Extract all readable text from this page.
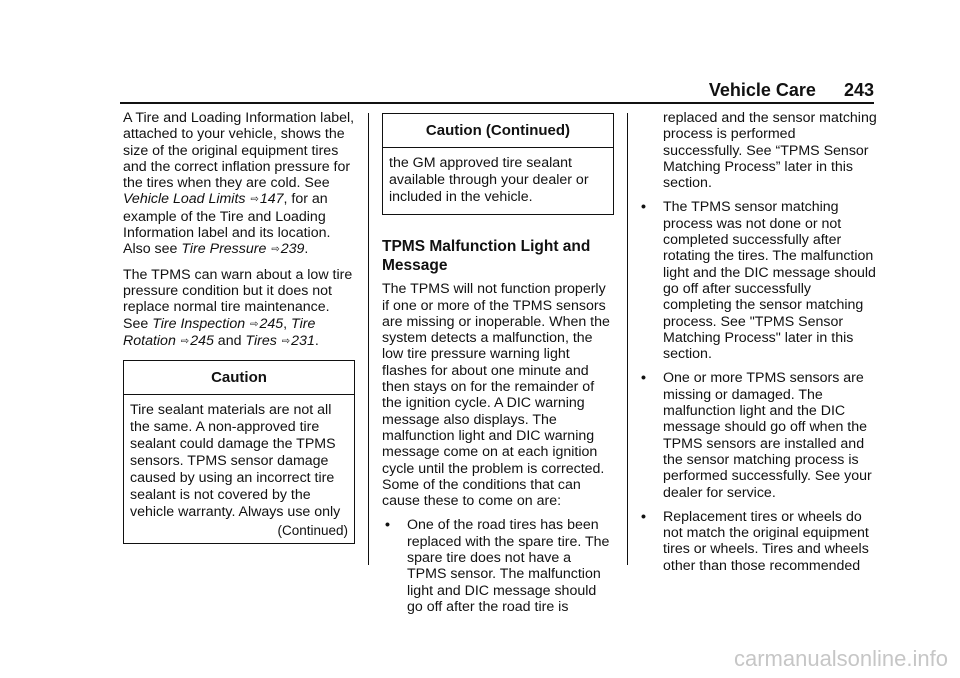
Vehicle Care 243

A Tire and Loading Information label, attached to your vehicle, shows the size of the original equipment tires and the correct inflation pressure for the tires when they are cold. See Vehicle Load Limits ⇨147, for an example of the Tire and Loading Information label and its location. Also see Tire Pressure ⇨239.

The TPMS can warn about a low tire pressure condition but it does not replace normal tire maintenance. See Tire Inspection ⇨245, Tire Rotation ⇨245 and Tires ⇨231.

Caution
Tire sealant materials are not all the same. A non-approved tire sealant could damage the TPMS sensors. TPMS sensor damage caused by using an incorrect tire sealant is not covered by the vehicle warranty. Always use only
(Continued)
Caution (Continued)
the GM approved tire sealant available through your dealer or included in the vehicle.
TPMS Malfunction Light and Message

The TPMS will not function properly if one or more of the TPMS sensors are missing or inoperable. When the system detects a malfunction, the low tire pressure warning light flashes for about one minute and then stays on for the remainder of the ignition cycle. A DIC warning message also displays. The malfunction light and DIC warning message come on at each ignition cycle until the problem is corrected. Some of the conditions that can cause these to come on are:

• One of the road tires has been replaced with the spare tire. The spare tire does not have a TPMS sensor. The malfunction light and DIC message should go off after the road tire is
replaced and the sensor matching process is performed successfully. See “TPMS Sensor Matching Process” later in this section.
• The TPMS sensor matching process was not done or not completed successfully after rotating the tires. The malfunction light and the DIC message should go off after successfully completing the sensor matching process. See "TPMS Sensor Matching Process" later in this section.
• One or more TPMS sensors are missing or damaged. The malfunction light and the DIC message should go off when the TPMS sensors are installed and the sensor matching process is performed successfully. See your dealer for service.
• Replacement tires or wheels do not match the original equipment tires or wheels. Tires and wheels other than those recommended
carmanualsonline.info
